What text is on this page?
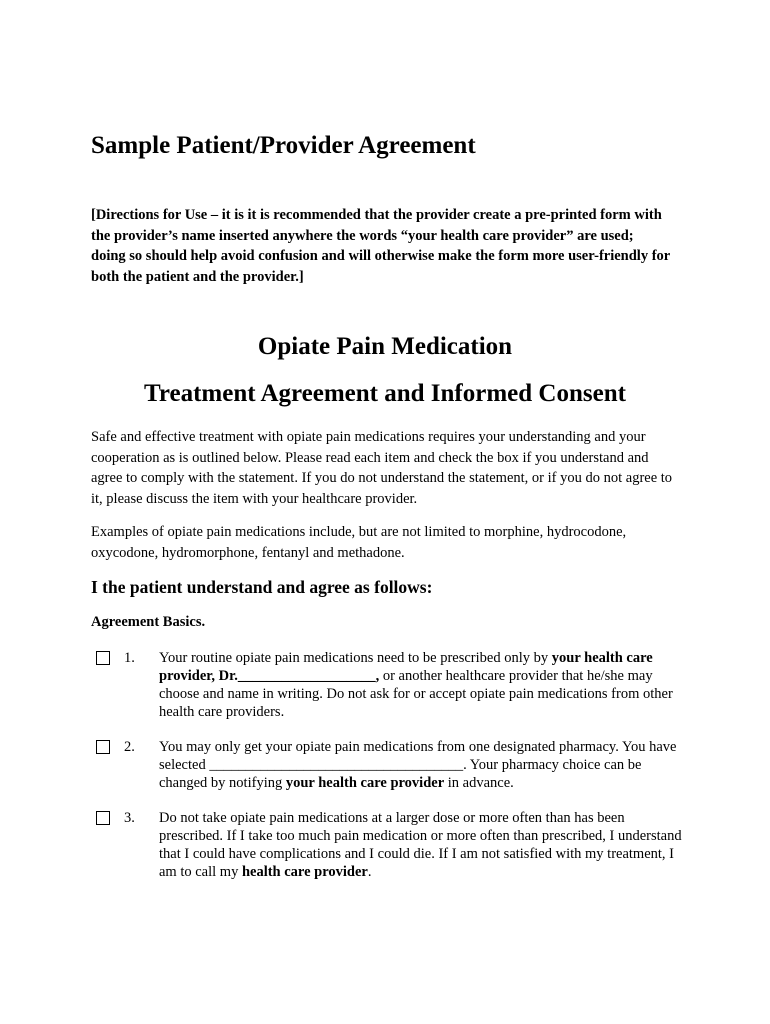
Sample Patient/Provider Agreement
[Directions for Use – it is it is recommended that the provider create a pre-printed form with the provider’s name inserted anywhere the words “your health care provider” are used; doing so should help avoid confusion and will otherwise make the form more user-friendly for both the patient and the provider.]
Opiate Pain Medication
Treatment Agreement and Informed Consent
Safe and effective treatment with opiate pain medications requires your understanding and your cooperation as is outlined below. Please read each item and check the box if you understand and agree to comply with the statement. If you do not understand the statement, or if you do not agree to it, please discuss the item with your healthcare provider.
Examples of opiate pain medications include, but are not limited to morphine, hydrocodone, oxycodone, hydromorphone, fentanyl and methadone.
I the patient understand and agree as follows:
Agreement Basics.
1. Your routine opiate pain medications need to be prescribed only by your health care provider, Dr.___________________, or another healthcare provider that he/she may choose and name in writing. Do not ask for or accept opiate pain medications from other health care providers.
2. You may only get your opiate pain medications from one designated pharmacy. You have selected ___________________________________. Your pharmacy choice can be changed by notifying your health care provider in advance.
3. Do not take opiate pain medications at a larger dose or more often than has been prescribed. If I take too much pain medication or more often than prescribed, I understand that I could have complications and I could die. If I am not satisfied with my treatment, I am to call my health care provider.
